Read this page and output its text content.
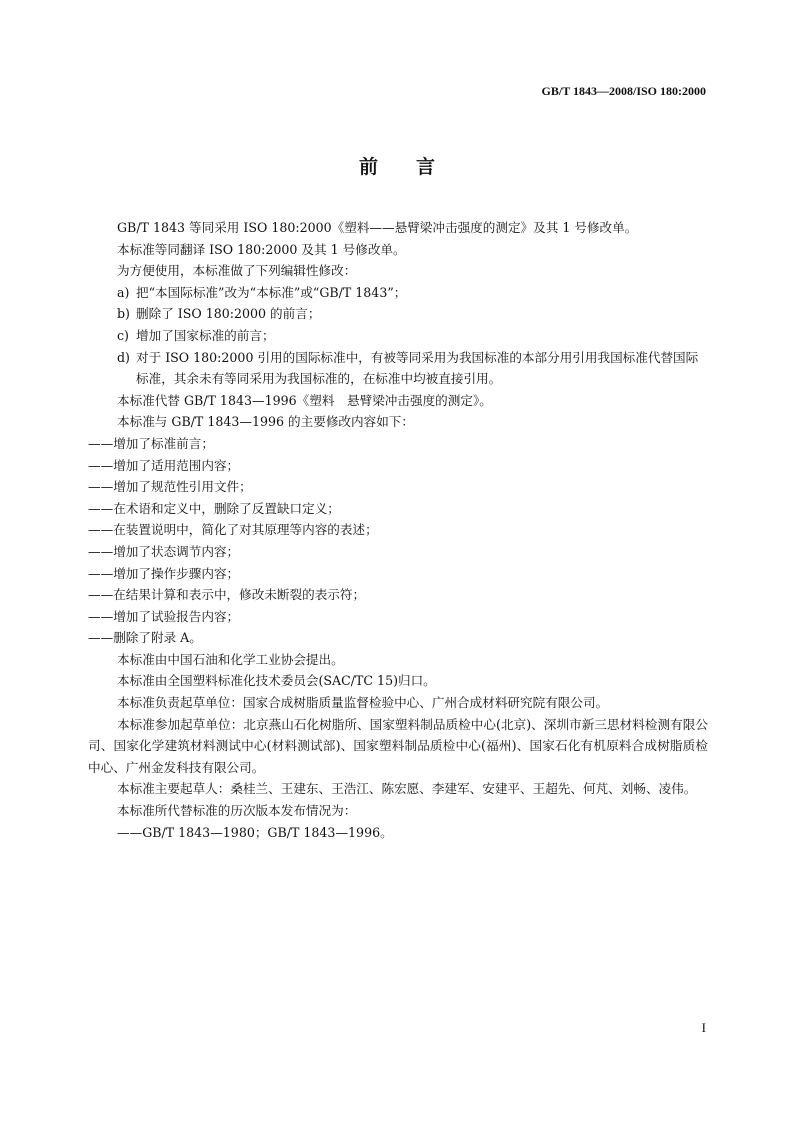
GB/T 1843—2008/ISO 180:2000
前言
GB/T 1843 等同采用 ISO 180:2000《塑料——悬臂梁冲击强度的测定》及其 1 号修改单。
本标准等同翻译 ISO 180:2000 及其 1 号修改单。
为方便使用，本标准做了下列编辑性修改：
a) 把“本国际标准”改为“本标准”或“GB/T 1843”；
b) 删除了 ISO 180:2000 的前言；
c) 增加了国家标准的前言；
d) 对于 ISO 180:2000 引用的国际标准中，有被等同采用为我国标准的本部分用引用我国标准代替国际标准，其余未有等同采用为我国标准的，在标准中均被直接引用。
本标准代替 GB/T 1843—1996《塑料　悬臂梁冲击强度的测定》。
本标准与 GB/T 1843—1996 的主要修改内容如下：
——增加了标准前言；
——增加了适用范围内容；
——增加了规范性引用文件；
——在术语和定义中，删除了反置缺口定义；
——在装置说明中，简化了对其原理等内容的表述；
——增加了状态调节内容；
——增加了操作步骤内容；
——在结果计算和表示中，修改未断裂的表示符；
——增加了试验报告内容；
——删除了附录 A。
本标准由中国石油和化学工业协会提出。
本标准由全国塑料标准化技术委员会(SAC/TC 15)归口。
本标准负责起草单位：国家合成树脂质量监督检验中心、广州合成材料研究院有限公司。
本标准参加起草单位：北京燕山石化树脂所、国家塑料制品质检中心(北京)、深圳市新三思材料检测有限公司、国家化学建筑材料测试中心(材料测试部)、国家塑料制品质检中心(福州)、国家石化有机原料合成树脂质检中心、广州金发科技有限公司。
本标准主要起草人：桑桂兰、王建东、王浩江、陈宏愿、李建军、安建平、王超先、何芃、刘畅、凌伟。
本标准所代替标准的历次版本发布情况为：
——GB/T 1843—1980；GB/T 1843—1996。
I
